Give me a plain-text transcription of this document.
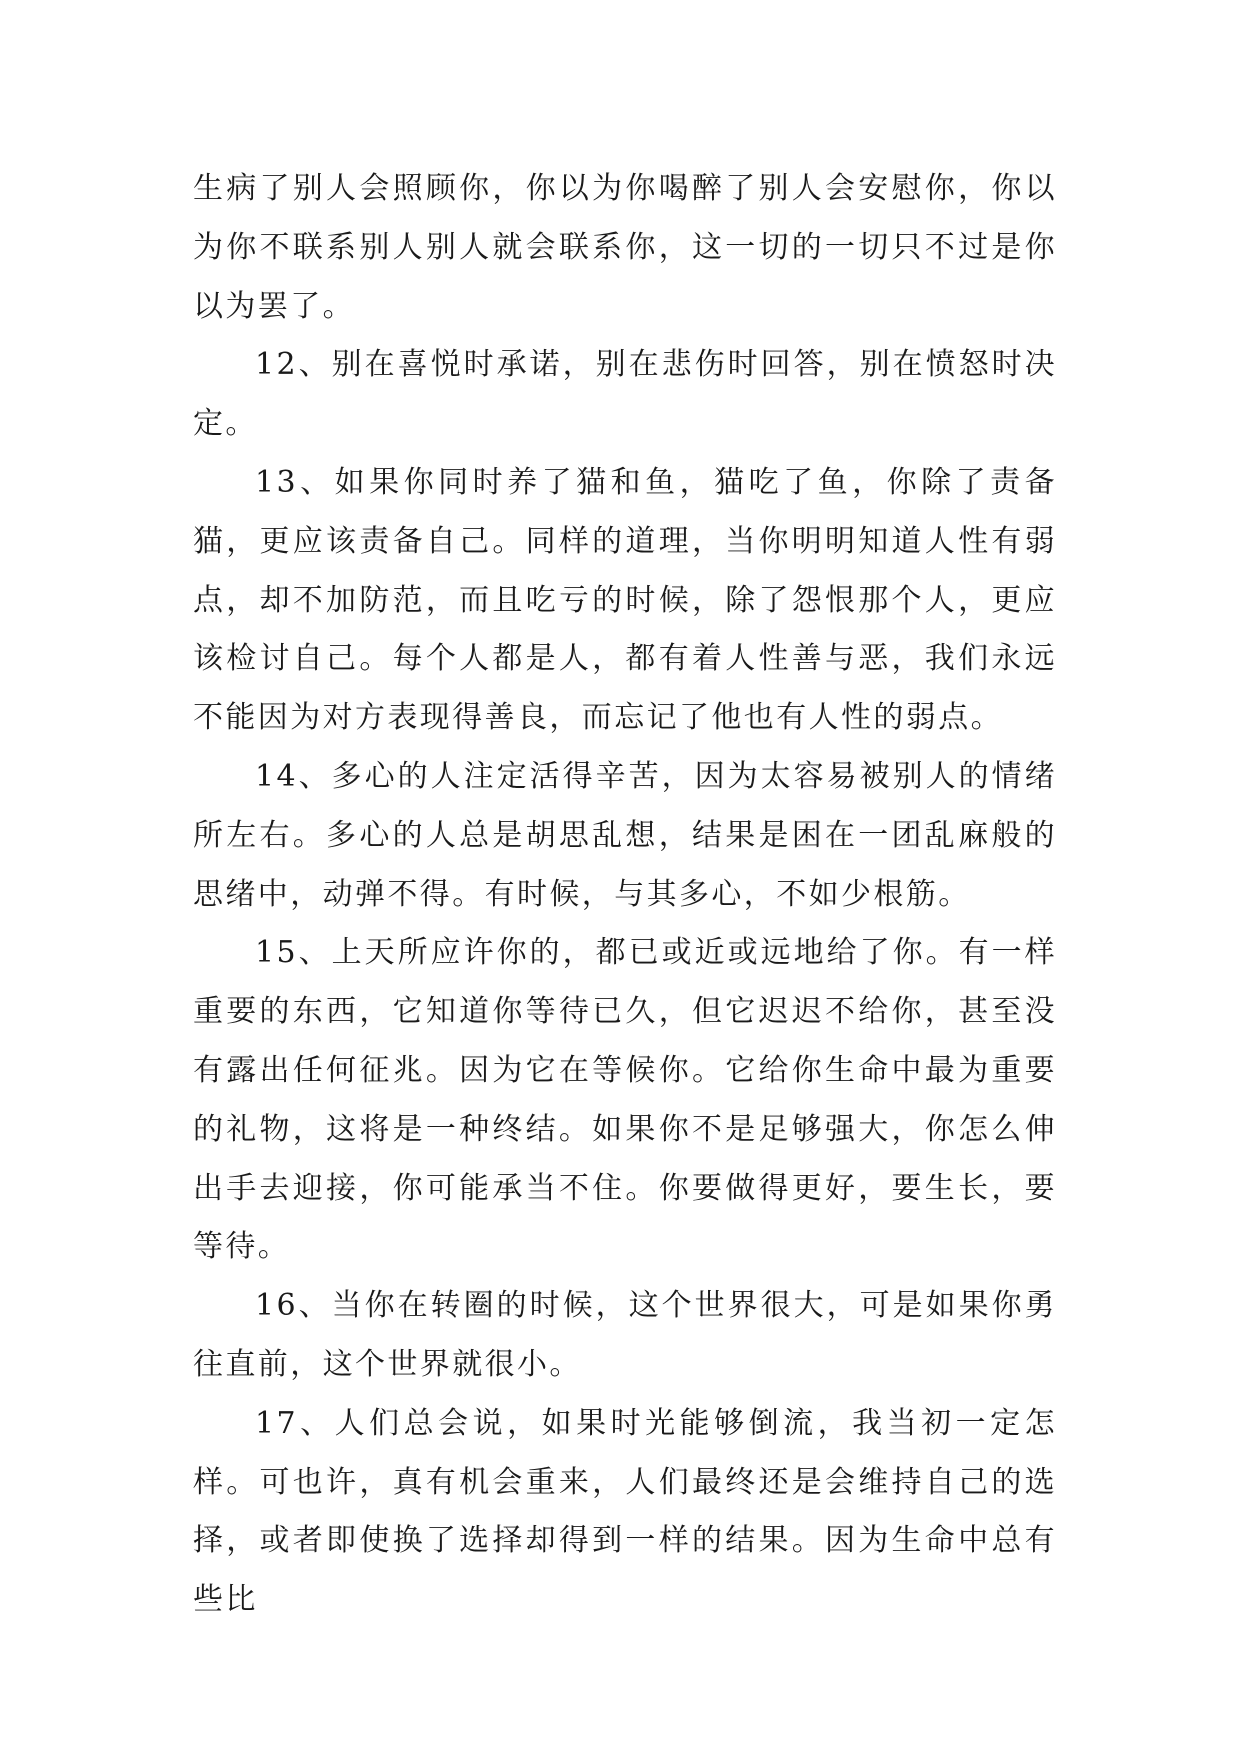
生病了别人会照顾你，你以为你喝醉了别人会安慰你，你以为你不联系别人别人就会联系你，这一切的一切只不过是你以为罢了。

12、别在喜悦时承诺，别在悲伤时回答，别在愤怒时决定。

13、如果你同时养了猫和鱼，猫吃了鱼，你除了责备猫，更应该责备自己。同样的道理，当你明明知道人性有弱点，却不加防范，而且吃亏的时候，除了怨恨那个人，更应该检讨自己。每个人都是人，都有着人性善与恶，我们永远不能因为对方表现得善良，而忘记了他也有人性的弱点。

14、多心的人注定活得辛苦，因为太容易被别人的情绪所左右。多心的人总是胡思乱想，结果是困在一团乱麻般的思绪中，动弹不得。有时候，与其多心，不如少根筋。

15、上天所应许你的，都已或近或远地给了你。有一样重要的东西，它知道你等待已久，但它迟迟不给你，甚至没有露出任何征兆。因为它在等候你。它给你生命中最为重要的礼物，这将是一种终结。如果你不是足够强大，你怎么伸出手去迎接，你可能承当不住。你要做得更好，要生长，要等待。

16、当你在转圈的时候，这个世界很大，可是如果你勇往直前，这个世界就很小。

17、人们总会说，如果时光能够倒流，我当初一定怎样。可也许，真有机会重来，人们最终还是会维持自己的选择，或者即使换了选择却得到一样的结果。因为生命中总有些比
